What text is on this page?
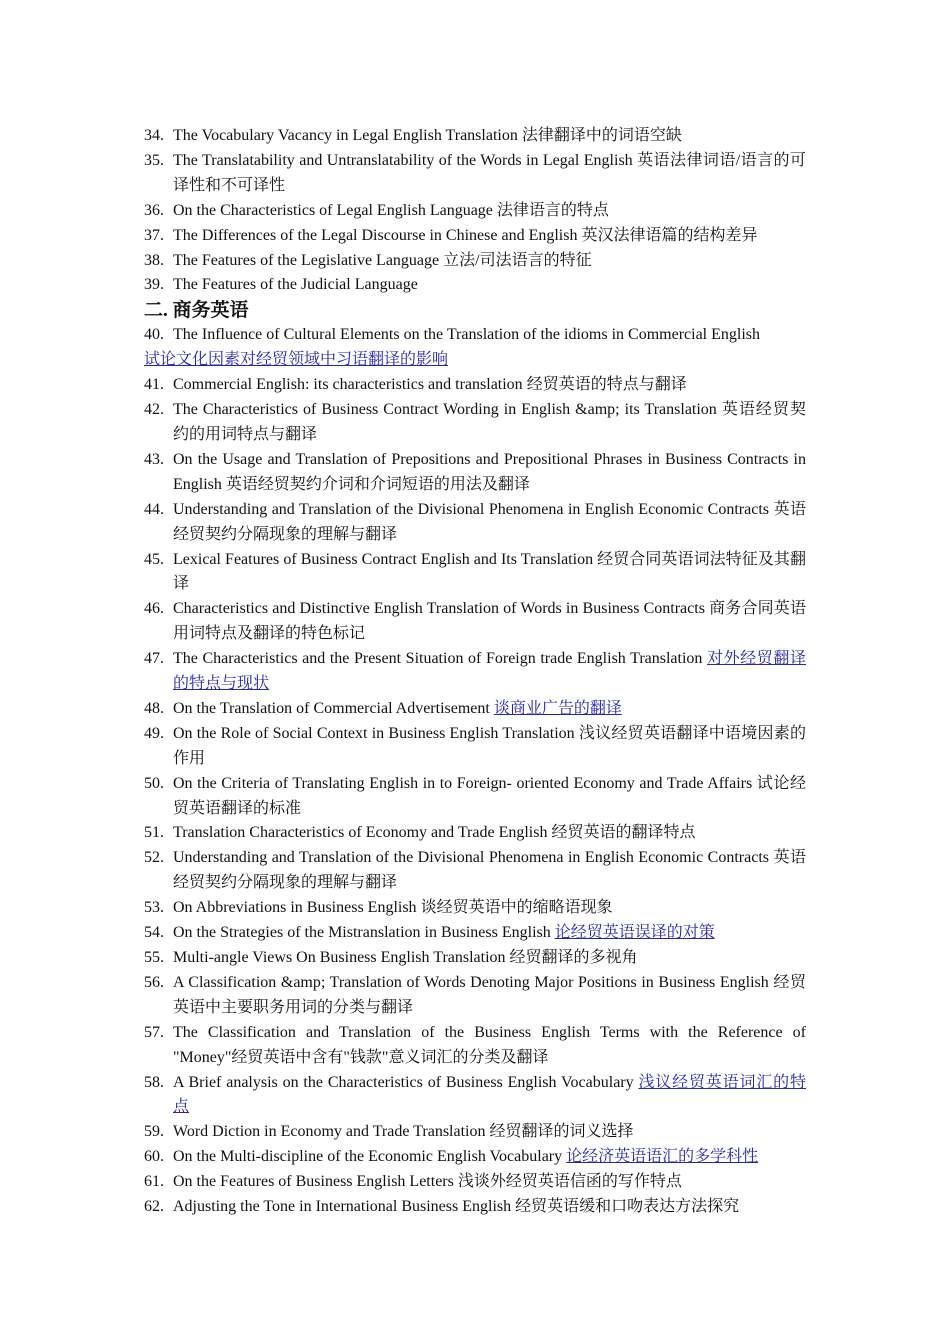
34. The Vocabulary Vacancy in Legal English Translation 法律翻译中的词语空缺
35. The Translatability and Untranslatability of the Words in Legal English 英语法律词语/语言的可译性和不可译性
36. On the Characteristics of Legal English Language 法律语言的特点
37. The Differences of the Legal Discourse in Chinese and English 英汉法律语篇的结构差异
38. The Features of the Legislative Language 立法/司法语言的特征
39. The Features of the Judicial Language
二. 商务英语
40. The Influence of Cultural Elements on the Translation of the idioms in Commercial English
试论文化因素对经贸领域中习语翻译的影响
41. Commercial English: its characteristics and translation 经贸英语的特点与翻译
42. The Characteristics of Business Contract Wording in English &amp; its Translation 英语经贸契约的用词特点与翻译
43. On the Usage and Translation of Prepositions and Prepositional Phrases in Business Contracts in English 英语经贸契约介词和介词短语的用法及翻译
44. Understanding and Translation of the Divisional Phenomena in English Economic Contracts 英语经贸契约分隔现象的理解与翻译
45. Lexical Features of Business Contract English and Its Translation 经贸合同英语词法特征及其翻译
46. Characteristics and Distinctive English Translation of Words in Business Contracts 商务合同英语用词特点及翻译的特色标记
47. The Characteristics and the Present Situation of Foreign trade English Translation 对外经贸翻译的特点与现状
48. On the Translation of Commercial Advertisement 谈商业广告的翻译
49. On the Role of Social Context in Business English Translation 浅议经贸英语翻译中语境因素的作用
50. On the Criteria of Translating English in to Foreign- oriented Economy and Trade Affairs 试论经贸英语翻译的标准
51. Translation Characteristics of Economy and Trade English 经贸英语的翻译特点
52. Understanding and Translation of the Divisional Phenomena in English Economic Contracts 英语经贸契约分隔现象的理解与翻译
53. On Abbreviations in Business English 谈经贸英语中的缩略语现象
54. On the Strategies of the Mistranslation in Business English 论经贸英语误译的对策
55. Multi-angle Views On Business English Translation 经贸翻译的多视角
56. A Classification &amp; Translation of Words Denoting Major Positions in Business English 经贸英语中主要职务用词的分类与翻译
57. The Classification and Translation of the Business English Terms with the Reference of "Money"经贸英语中含有"钱款"意义词汇的分类及翻译
58. A Brief analysis on the Characteristics of Business English Vocabulary 浅议经贸英语词汇的特点
59. Word Diction in Economy and Trade Translation 经贸翻译的词义选择
60. On the Multi-discipline of the Economic English Vocabulary 论经济英语语汇的多学科性
61. On the Features of Business English Letters 浅谈外经贸英语信函的写作特点
62. Adjusting the Tone in International Business English 经贸英语缓和口吻表达方法探究
